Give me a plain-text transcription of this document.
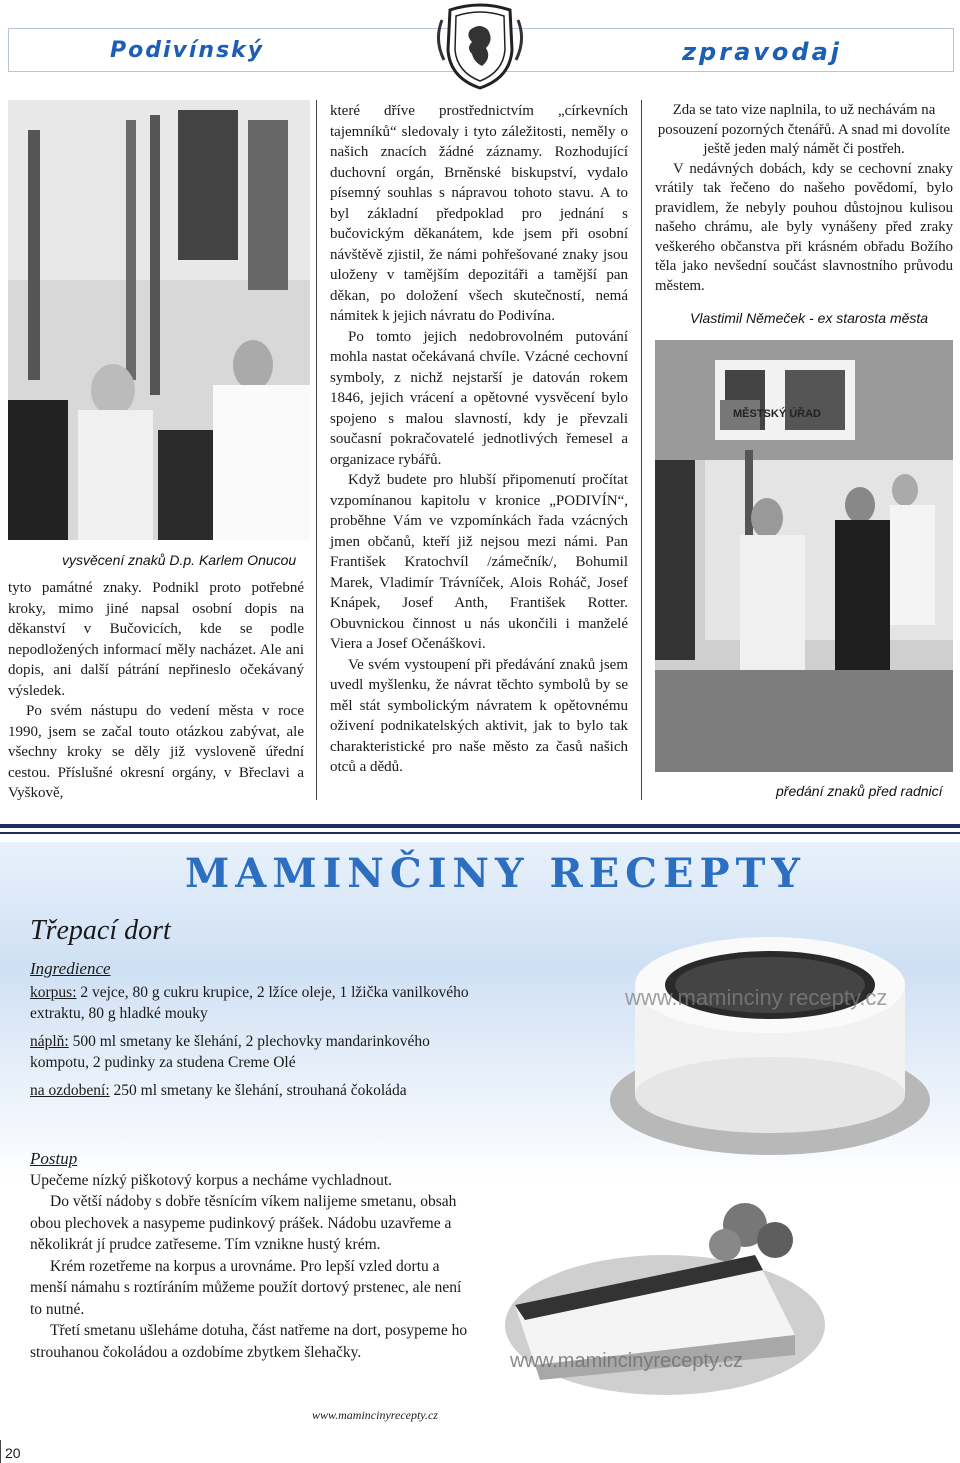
Podivínský	zpravodaj
vysvěcení znaků D.p. Karlem Onucou

tyto památné znaky. Podnikl proto potřebné kroky, mimo jiné napsal osobní dopis na děkanství v Bučovicích, kde se podle nepodložených informací měly nacházet. Ale ani dopis, ani další pátrání nepřineslo očekávaný výsledek.

Po svém nástupu do vedení města v roce 1990, jsem se začal touto otázkou zabývat, ale všechny kroky se děly již vysloveně úřední cestou. Příslušné okresní orgány, v Břeclavi a Vyškově,

které dříve prostřednictvím „církevních tajemníků“ sledovaly i tyto záležitosti, neměly o našich znacích žádné záznamy. Rozhodující duchovní orgán, Brněnské biskupství, vydalo písemný souhlas s nápravou tohoto stavu. A to byl základní předpoklad pro jednání s bučovickým děkanátem, kde jsem při osobní návštěvě zjistil, že námi pohřešované znaky jsou uloženy v tamějším depozitáři a tamější pan děkan, po doložení všech skutečností, nemá námitek k jejich návratu do Podivína.

Po tomto jejich nedobrovolném putování mohla nastat očekávaná chvíle. Vzácné cechovní symboly, z nichž nejstarší je datován rokem 1846, jejich vrácení a opětovné vysvěcení bylo spojeno s malou slavností, kdy je převzali současní pokračovatelé jednotlivých řemesel a organizace rybářů.

Když budete pro hlubší připomenutí pročítat vzpomínanou kapitolu v kronice „PODIVÍN“, proběhne Vám ve vzpomínkách řada vzácných jmen občanů, kteří již nejsou mezi námi. Pan František Kratochvíl /zámečník/, Bohumil Marek, Vladimír Trávníček, Alois Roháč, Josef Knápek, Josef Anth, František Rotter. Obuvnickou činnost u nás ukončili i manželé Viera a Josef Očenáškovi.

Ve svém vystoupení při předávání znaků jsem uvedl myšlenku, že návrat těchto symbolů by se měl stát symbolickým návratem k opětovnému oživení podnikatelských aktivit, jak to bylo tak charakteristické pro naše město za časů našich otců a dědů.

Zda se tato vize naplnila, to už nechávám na posouzení pozorných čtenářů. A snad mi dovolíte ještě jeden malý námět či postřeh.

V nedávných dobách, kdy se cechovní znaky vrátily tak řečeno do našeho povědomí, bylo pravidlem, že nebyly pouhou důstojnou kulisou našeho chrámu, ale byly vynášeny před zraky veškerého občanstva při krásném obřadu Božího těla jako nevšední součást slavnostního průvodu městem.

Vlastimil Němeček - ex starosta města
MĚSTSKÝ ÚŘAD
předání znaků před radnicí
MAMINČINY RECEPTY
Třepací dort
Ingredience
korpus: 2 vejce, 80 g cukru krupice, 2 lžíce oleje, 1 lžička vanilkového extraktu, 80 g hladké mouky
náplň: 500 ml smetany ke šlehání, 2 plechovky mandarinkového kompotu, 2 pudinky za studena Creme Olé
na ozdobení: 250 ml smetany ke šlehání, strouhaná čokoláda
Postup
Upečeme nízký piškotový korpus a necháme vychladnout.
Do větší nádoby s dobře těsnícím víkem nalijeme smetanu, obsah obou plechovek a nasypeme pudinkový prášek. Nádobu uzavřeme a několikrát jí prudce zatřeseme. Tím vznikne hustý krém.
Krém rozetřeme na korpus a urovnáme. Pro lepší vzled dortu a menší námahu s roztíráním můžeme použít dortový prstenec, ale není to nutné.
Třetí smetanu ušleháme dotuha, část natřeme na dort, posypeme ho strouhanou čokoládou a ozdobíme zbytkem šlehačky.
www.maminciny recepty.cz
www.mamincinyrecepty.cz
www.mamincinyrecepty.cz
20
